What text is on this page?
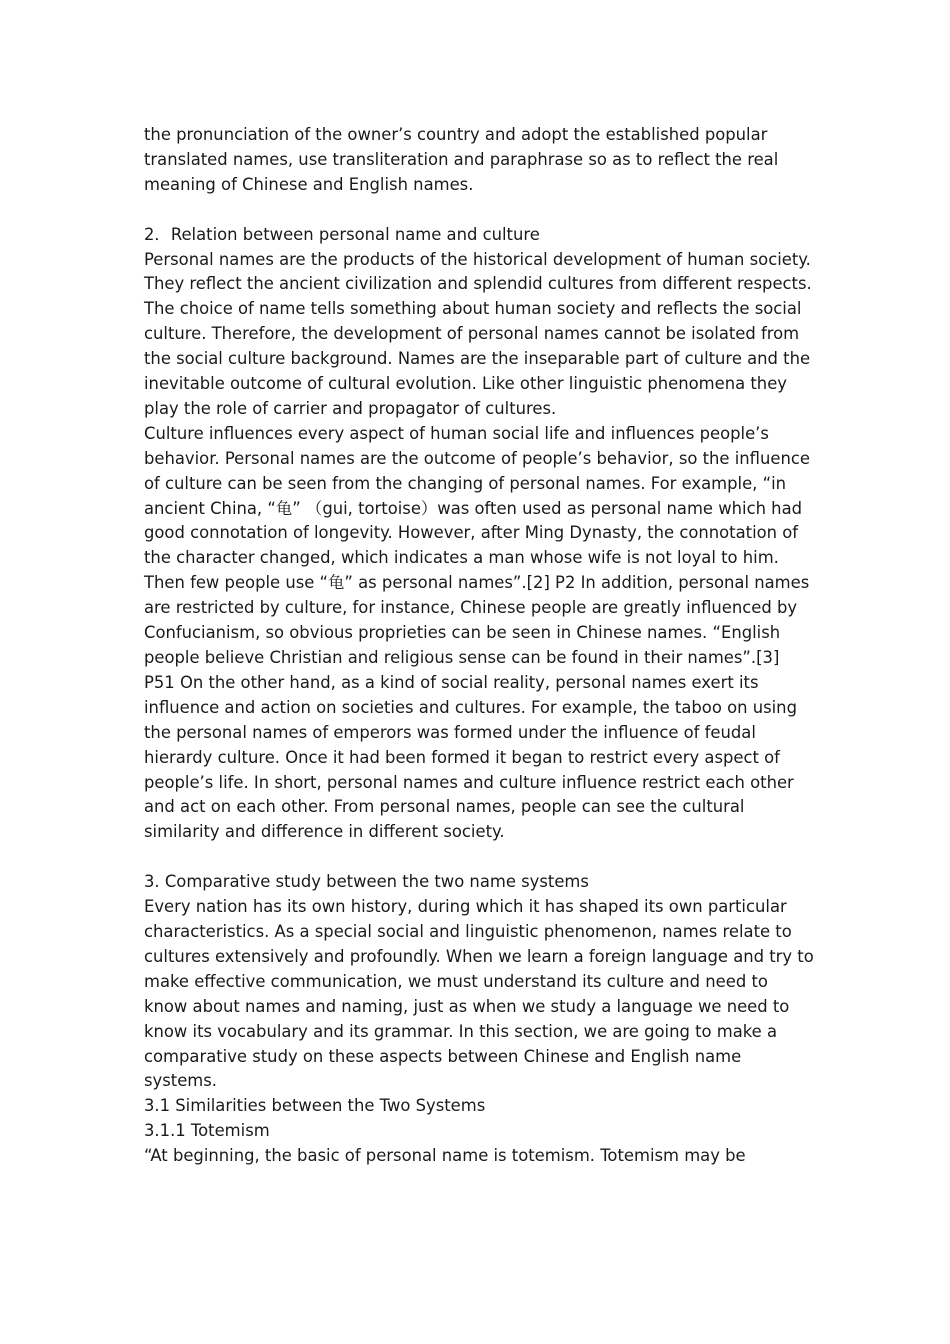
the pronunciation of the owner’s country and adopt the established popular translated names, use transliteration and paraphrase so as to reflect the real meaning of Chinese and English names.

2．Relation between personal name and culture

Personal names are the products of the historical development of human society. They reflect the ancient civilization and splendid cultures from different respects. The choice of name tells something about human society and reflects the social culture. Therefore, the development of personal names cannot be isolated from the social culture background. Names are the inseparable part of culture and the inevitable outcome of cultural evolution. Like other linguistic phenomena they play the role of carrier and propagator of cultures.

Culture influences every aspect of human social life and influences people’s behavior. Personal names are the outcome of people’s behavior, so the influence of culture can be seen from the changing of personal names. For example, “in ancient China, “龟” （gui, tortoise）was often used as personal name which had good connotation of longevity. However, after Ming Dynasty, the connotation of the character changed, which indicates a man whose wife is not loyal to him. Then few people use “龟” as personal names”.[2] P2 In addition, personal names are restricted by culture, for instance, Chinese people are greatly influenced by Confucianism, so obvious proprieties can be seen in Chinese names. “English people believe Christian and religious sense can be found in their names”.[3] P51 On the other hand, as a kind of social reality, personal names exert its influence and action on societies and cultures. For example, the taboo on using the personal names of emperors was formed under the influence of feudal hierardy culture. Once it had been formed it began to restrict every aspect of people’s life. In short, personal names and culture influence restrict each other and act on each other. From personal names, people can see the cultural similarity and difference in different society.

3. Comparative study between the two name systems

Every nation has its own history, during which it has shaped its own particular characteristics. As a special social and linguistic phenomenon, names relate to cultures extensively and profoundly. When we learn a foreign language and try to make effective communication, we must understand its culture and need to know about names and naming, just as when we study a language we need to know its vocabulary and its grammar. In this section, we are going to make a comparative study on these aspects between Chinese and English name systems.

3.1 Similarities between the Two Systems

3.1.1 Totemism

“At beginning, the basic of personal name is totemism. Totemism may be
